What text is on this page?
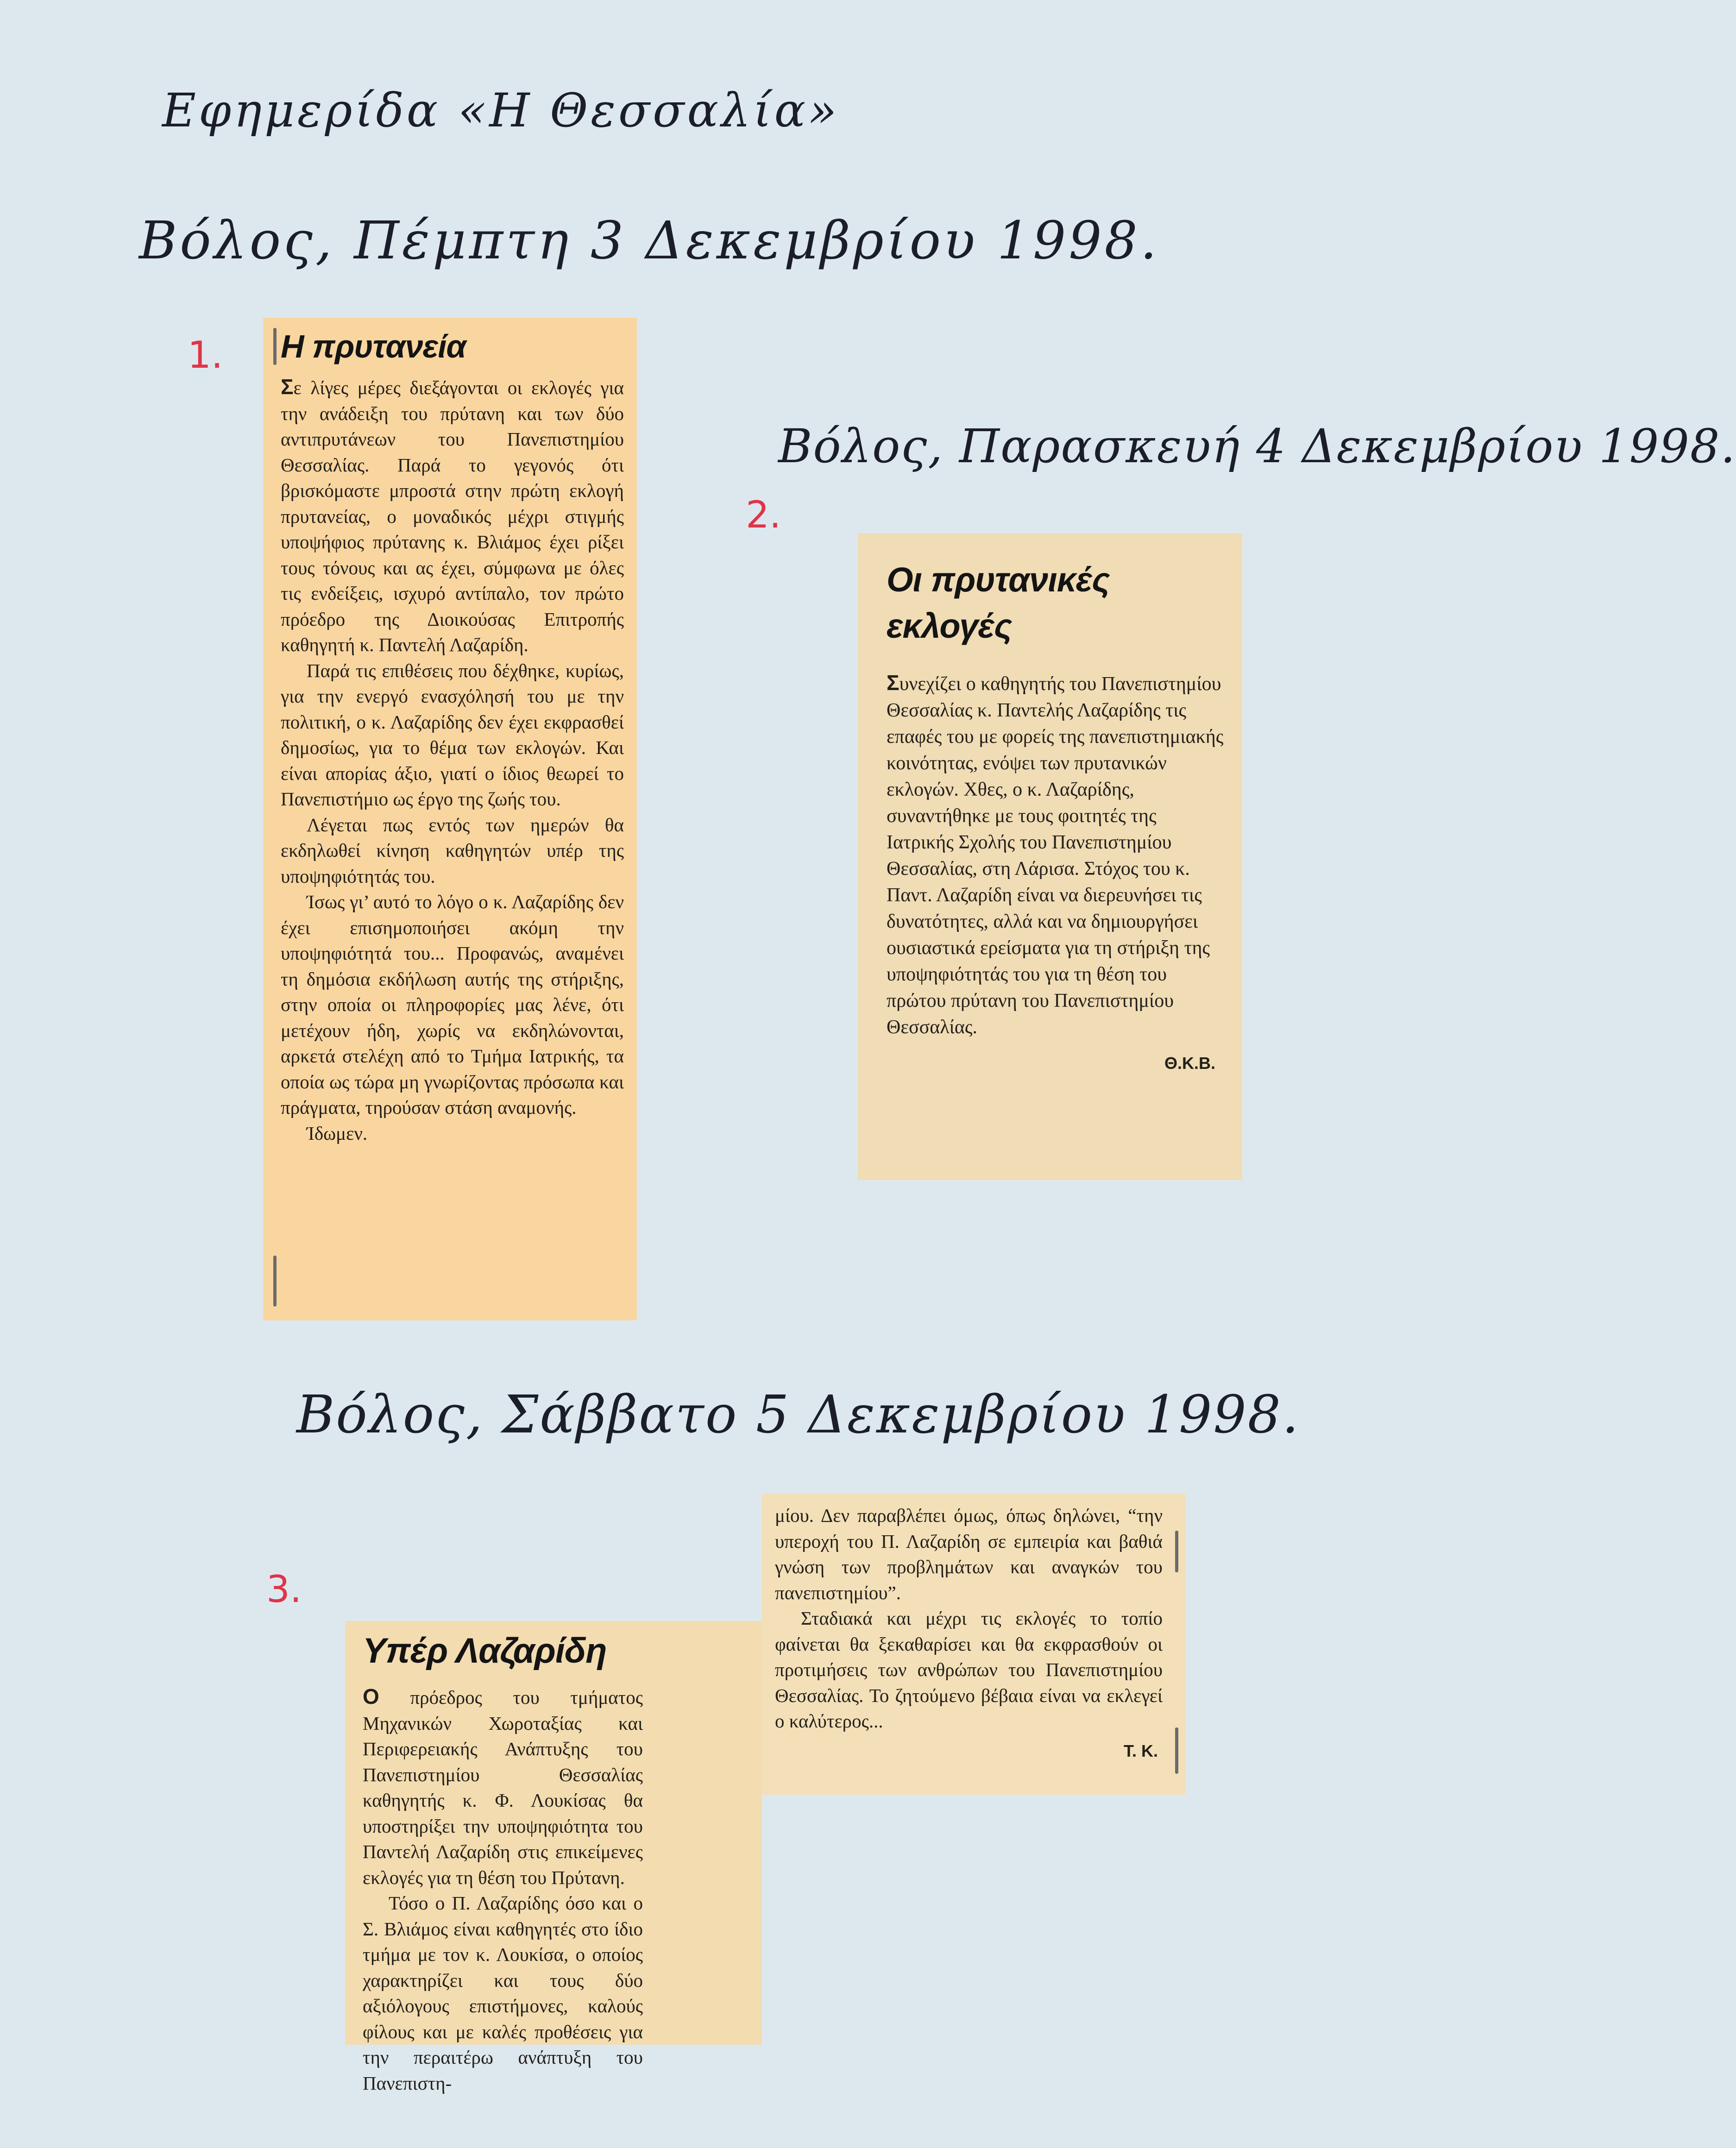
Εφημερίδα «Η Θεσσαλία»
Βόλος, Πέμπτη 3 Δεκεμβρίου 1998.
Βόλος, Παρασκευή 4 Δεκεμβρίου 1998.
Βόλος, Σάββατο 5 Δεκεμβρίου 1998.
1.
2.
3.
Η πρυτανεία

Σε λίγες μέρες διεξάγονται οι εκλογές για την ανάδειξη του πρύτανη και των δύο αντιπρυτάνεων του Πανεπιστημίου Θεσσαλίας. Παρά το γεγονός ότι βρισκόμαστε μπροστά στην πρώτη εκλογή πρυτανείας, ο μοναδικός μέχρι στιγμής υποψήφιος πρύτανης κ. Βλιάμος έχει ρίξει τους τόνους και ας έχει, σύμφωνα με όλες τις ενδείξεις, ισχυρό αντίπαλο, τον πρώτο πρόεδρο της Διοικούσας Επιτροπής καθηγητή κ. Παντελή Λαζαρίδη.

Παρά τις επιθέσεις που δέχθηκε, κυρίως, για την ενεργό ενασχόλησή του με την πολιτική, ο κ. Λαζαρίδης δεν έχει εκφρασθεί δημοσίως, για το θέμα των εκλογών. Και είναι απορίας άξιο, γιατί ο ίδιος θεωρεί το Πανεπιστήμιο ως έργο της ζωής του.

Λέγεται πως εντός των ημερών θα εκδηλωθεί κίνηση καθηγητών υπέρ της υποψηφιότητάς του.

Ίσως γι’ αυτό το λόγο ο κ. Λαζαρίδης δεν έχει επισημοποιήσει ακόμη την υποψηφιότητά του... Προφανώς, αναμένει τη δημόσια εκδήλωση αυτής της στήριξης, στην οποία οι πληροφορίες μας λένε, ότι μετέχουν ήδη, χωρίς να εκδηλώνονται, αρκετά στελέχη από το Τμήμα Ιατρικής, τα οποία ως τώρα μη γνωρίζοντας πρόσωπα και πράγματα, τηρούσαν στάση αναμονής.

Ίδωμεν.

Οι πρυτανικές
εκλογές

Συνεχίζει ο καθηγητής του Πανεπιστημίου Θεσσαλίας κ. Παντελής Λαζαρίδης τις επαφές του με φορείς της πανεπιστημιακής κοινότητας, ενόψει των πρυτανικών εκλογών. Χθες, ο κ. Λαζαρίδης, συναντήθηκε με τους φοιτητές της Ιατρικής Σχολής του Πανεπιστημίου Θεσσαλίας, στη Λάρισα. Στόχος του κ. Παντ. Λαζαρίδη είναι να διερευνήσει τις δυνατότητες, αλλά και να δημιουργήσει ουσιαστικά ερείσματα για τη στήριξη της υποψηφιότητάς του για τη θέση του πρώτου πρύτανη του Πανεπιστημίου Θεσσαλίας.

Θ.Κ.Β.

Υπέρ Λαζαρίδη

Ο πρόεδρος του τμήματος Μηχανικών Χωροταξίας και Περιφερειακής Ανάπτυξης του Πανεπιστημίου Θεσσαλίας καθηγητής κ. Φ. Λουκίσας θα υποστηρίξει την υποψηφιότητα του Παντελή Λαζαρίδη στις επικείμενες εκλογές για τη θέση του Πρύτανη.

Τόσο ο Π. Λαζαρίδης όσο και ο Σ. Βλιάμος είναι καθηγητές στο ίδιο τμήμα με τον κ. Λουκίσα, ο οποίος χαρακτηρίζει και τους δύο αξιόλογους επιστήμονες, καλούς φίλους και με καλές προθέσεις για την περαιτέρω ανάπτυξη του Πανεπιστη-

μίου. Δεν παραβλέπει όμως, όπως δηλώνει, “την υπεροχή του Π. Λαζαρίδη σε εμπειρία και βαθιά γνώση των προβλημάτων και αναγκών του πανεπιστημίου”.

Σταδιακά και μέχρι τις εκλογές το τοπίο φαίνεται θα ξεκαθαρίσει και θα εκφρασθούν οι προτιμήσεις των ανθρώπων του Πανεπιστημίου Θεσσαλίας. Το ζητούμενο βέβαια είναι να εκλεγεί ο καλύτερος...

Τ. Κ.
